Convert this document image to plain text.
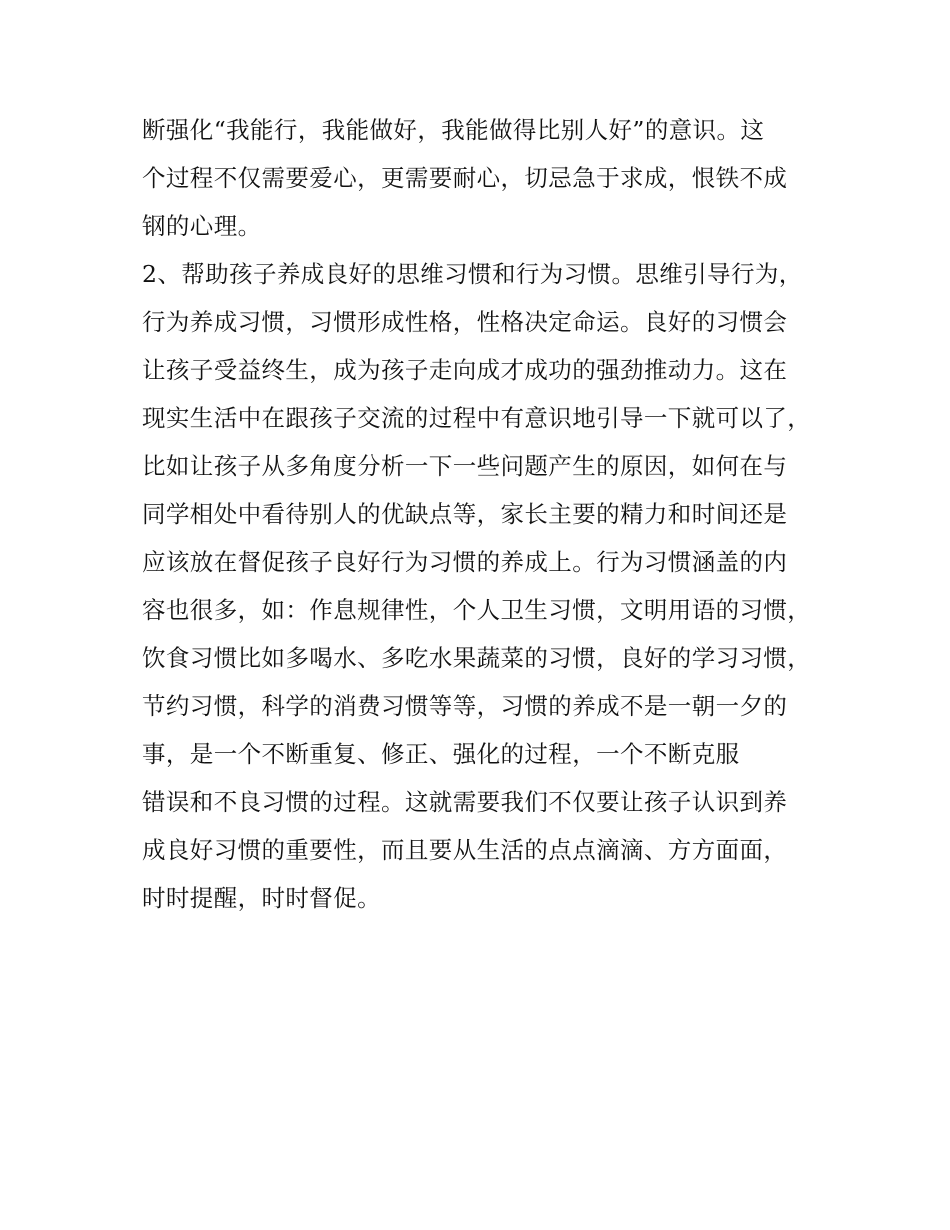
断强化“我能行，我能做好，我能做得比别人好”的意识。这
个过程不仅需要爱心，更需要耐心，切忌急于求成，恨铁不成
钢的心理。
2、帮助孩子养成良好的思维习惯和行为习惯。思维引导行为，
行为养成习惯，习惯形成性格，性格决定命运。良好的习惯会
让孩子受益终生，成为孩子走向成才成功的强劲推动力。这在
现实生活中在跟孩子交流的过程中有意识地引导一下就可以了，
比如让孩子从多角度分析一下一些问题产生的原因，如何在与
同学相处中看待别人的优缺点等，家长主要的精力和时间还是
应该放在督促孩子良好行为习惯的养成上。行为习惯涵盖的内
容也很多，如：作息规律性，个人卫生习惯，文明用语的习惯，
饮食习惯比如多喝水、多吃水果蔬菜的习惯，良好的学习习惯，
节约习惯，科学的消费习惯等等，习惯的养成不是一朝一夕的
事，是一个不断重复、修正、强化的过程，一个不断克服
错误和不良习惯的过程。这就需要我们不仅要让孩子认识到养
成良好习惯的重要性，而且要从生活的点点滴滴、方方面面，
时时提醒，时时督促。
